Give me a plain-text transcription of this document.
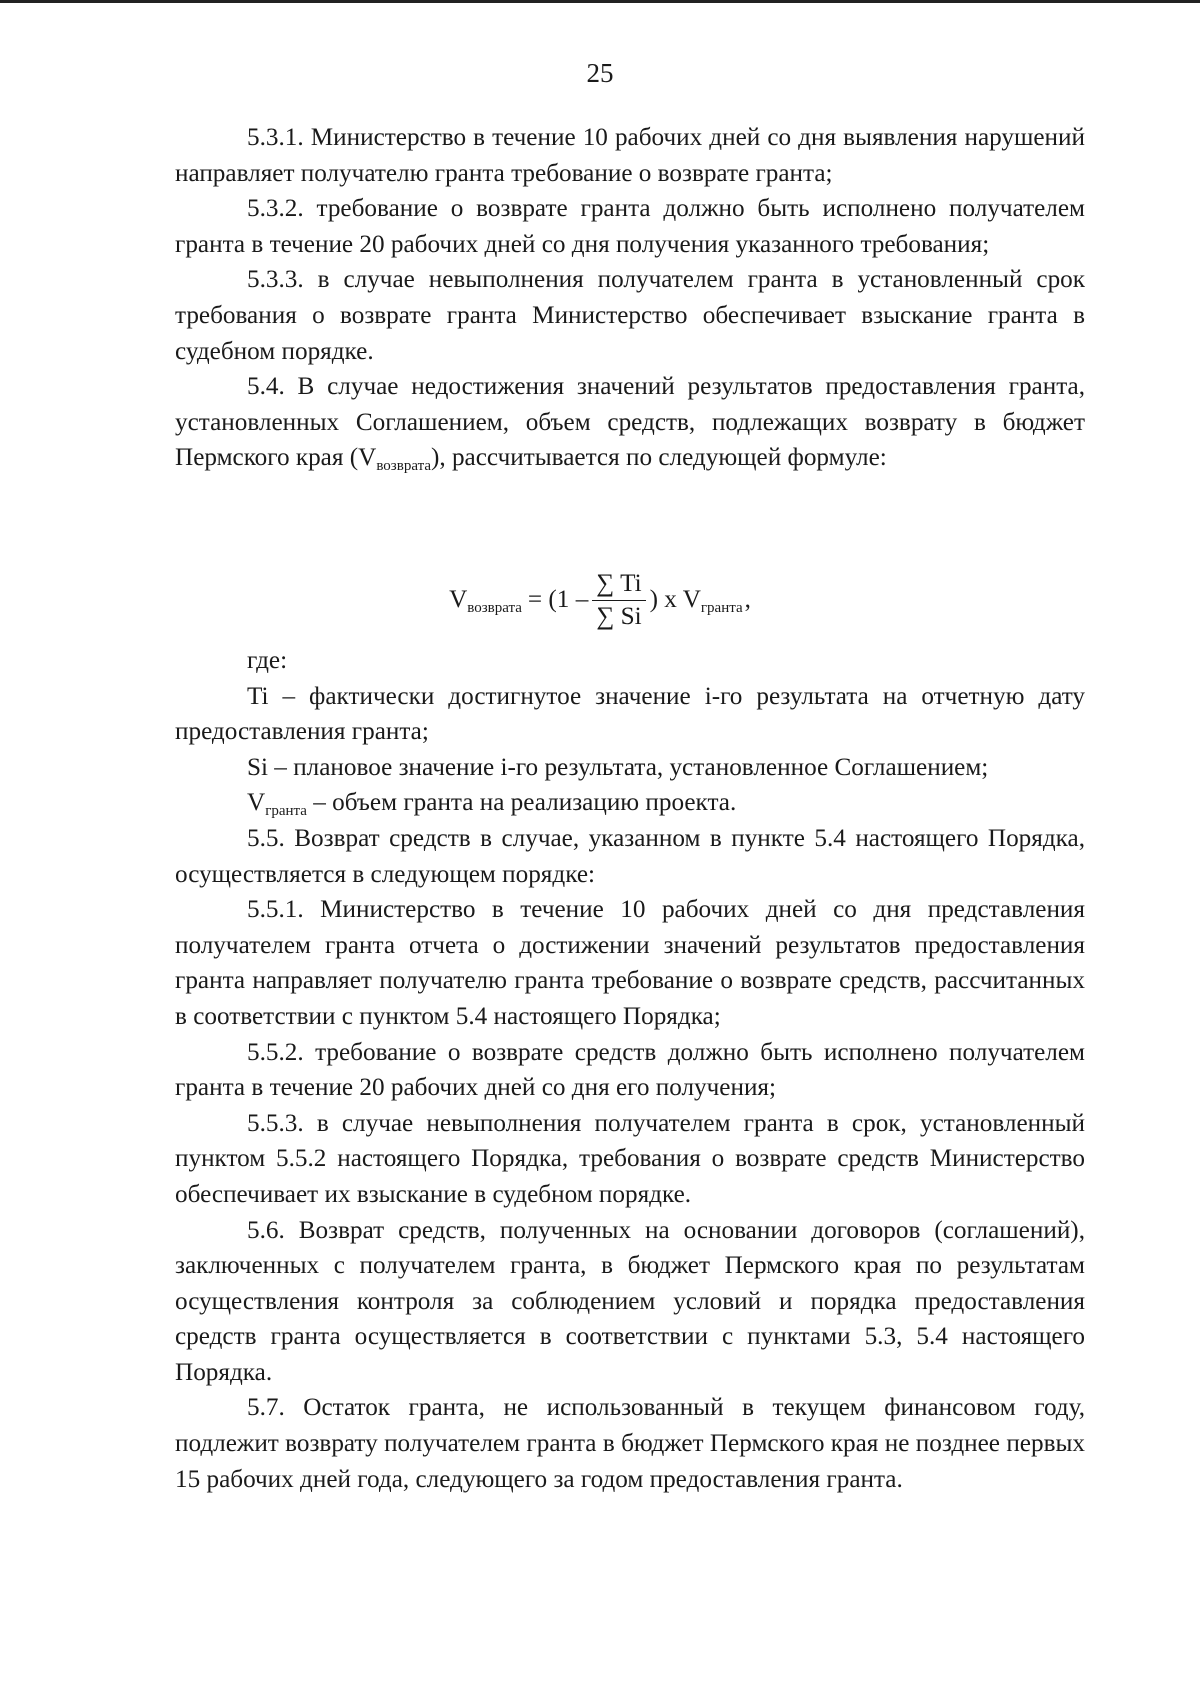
25

5.3.1. Министерство в течение 10 рабочих дней со дня выявления нарушений направляет получателю гранта требование о возврате гранта;

5.3.2. требование о возврате гранта должно быть исполнено получателем гранта в течение 20 рабочих дней со дня получения указанного требования;

5.3.3. в случае невыполнения получателем гранта в установленный срок требования о возврате гранта Министерство обеспечивает взыскание гранта в судебном порядке.

5.4. В случае недостижения значений результатов предоставления гранта, установленных Соглашением, объем средств, подлежащих возврату в бюджет Пермского края $(V_{возврата})$, рассчитывается по следующей формуле:

$V_{возврата} = (1 - \frac{\sum Ti}{\sum Si}$ ) x $V_{гранта}$ ,

где:

Ti – фактически достигнутое значение i-го результата на отчетную дату предоставления гранта;

Si – плановое значение i-го результата, установленное Соглашением;

$V_{гранта}$ – объем гранта на реализацию проекта.

5.5. Возврат средств в случае, указанном в пункте 5.4 настоящего Порядка, осуществляется в следующем порядке:

5.5.1. Министерство в течение 10 рабочих дней со дня представления получателем гранта отчета о достижении значений результатов предоставления гранта направляет получателю гранта требование о возврате средств, рассчитанных в соответствии с пунктом 5.4 настоящего Порядка;

5.5.2. требование о возврате средств должно быть исполнено получателем гранта в течение 20 рабочих дней со дня его получения;

5.5.3. в случае невыполнения получателем гранта в срок, установленный пунктом 5.5.2 настоящего Порядка, требования о возврате средств Министерство обеспечивает их взыскание в судебном порядке.

5.6. Возврат средств, полученных на основании договоров (соглашений), заключенных с получателем гранта, в бюджет Пермского края по результатам осуществления контроля за соблюдением условий и порядка предоставления средств гранта осуществляется в соответствии с пунктами 5.3, 5.4 настоящего Порядка.

5.7. Остаток гранта, не использованный в текущем финансовом году, подлежит возврату получателем гранта в бюджет Пермского края не позднее первых 15 рабочих дней года, следующего за годом предоставления гранта.
